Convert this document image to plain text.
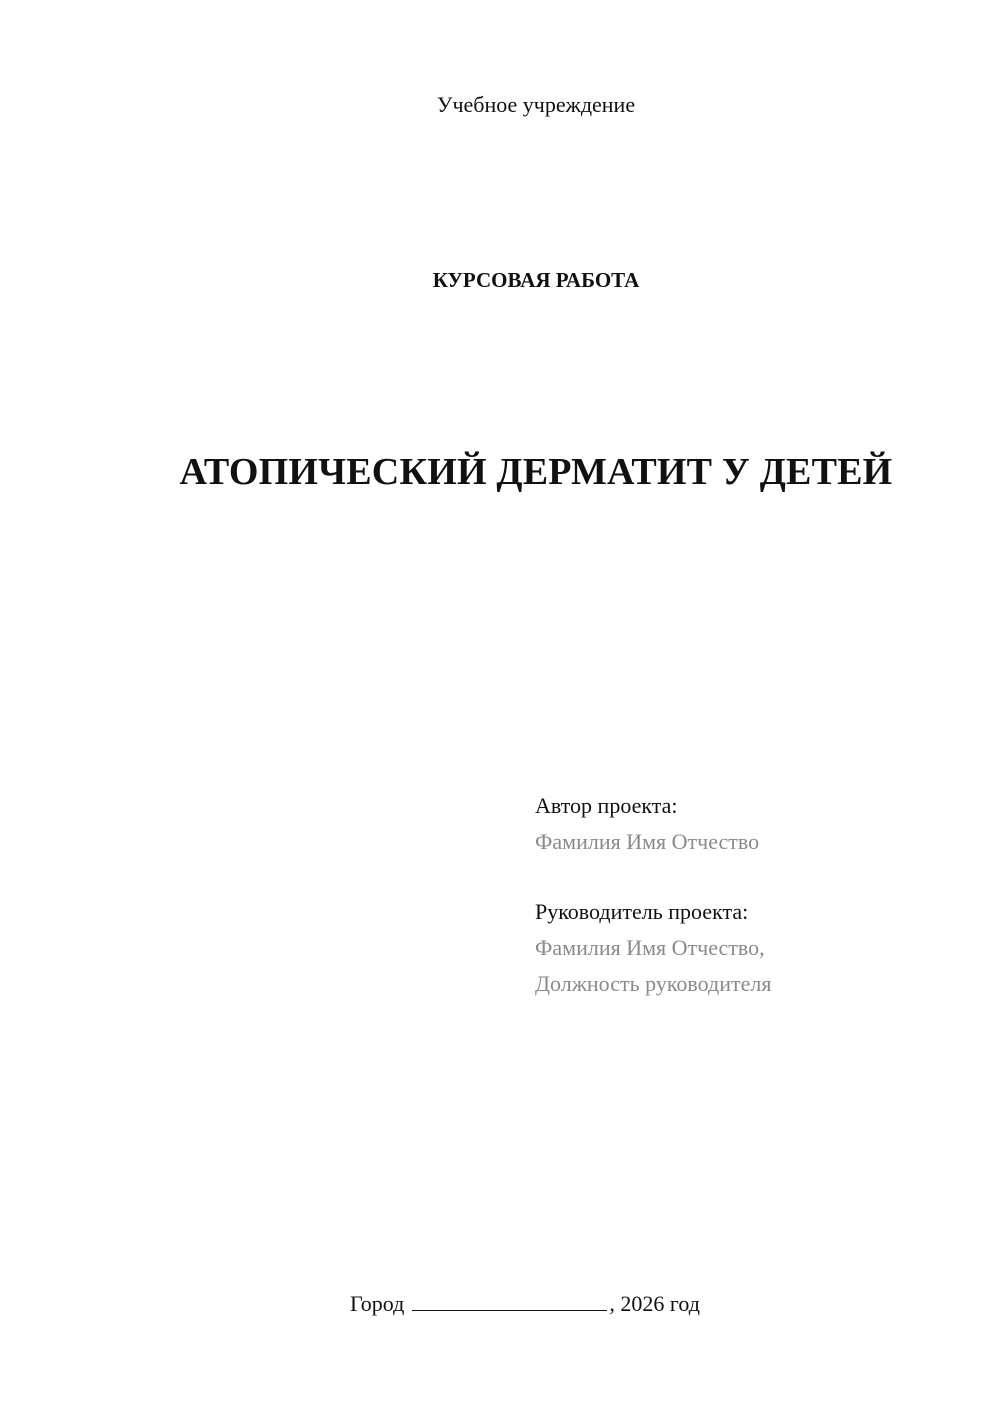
Учебное учреждение
КУРСОВАЯ РАБОТА
АТОПИЧЕСКИЙ ДЕРМАТИТ У ДЕТЕЙ
Автор проекта:
Фамилия Имя Отчество
Руководитель проекта:
Фамилия Имя Отчество,
Должность руководителя
Город	, 2026 год
